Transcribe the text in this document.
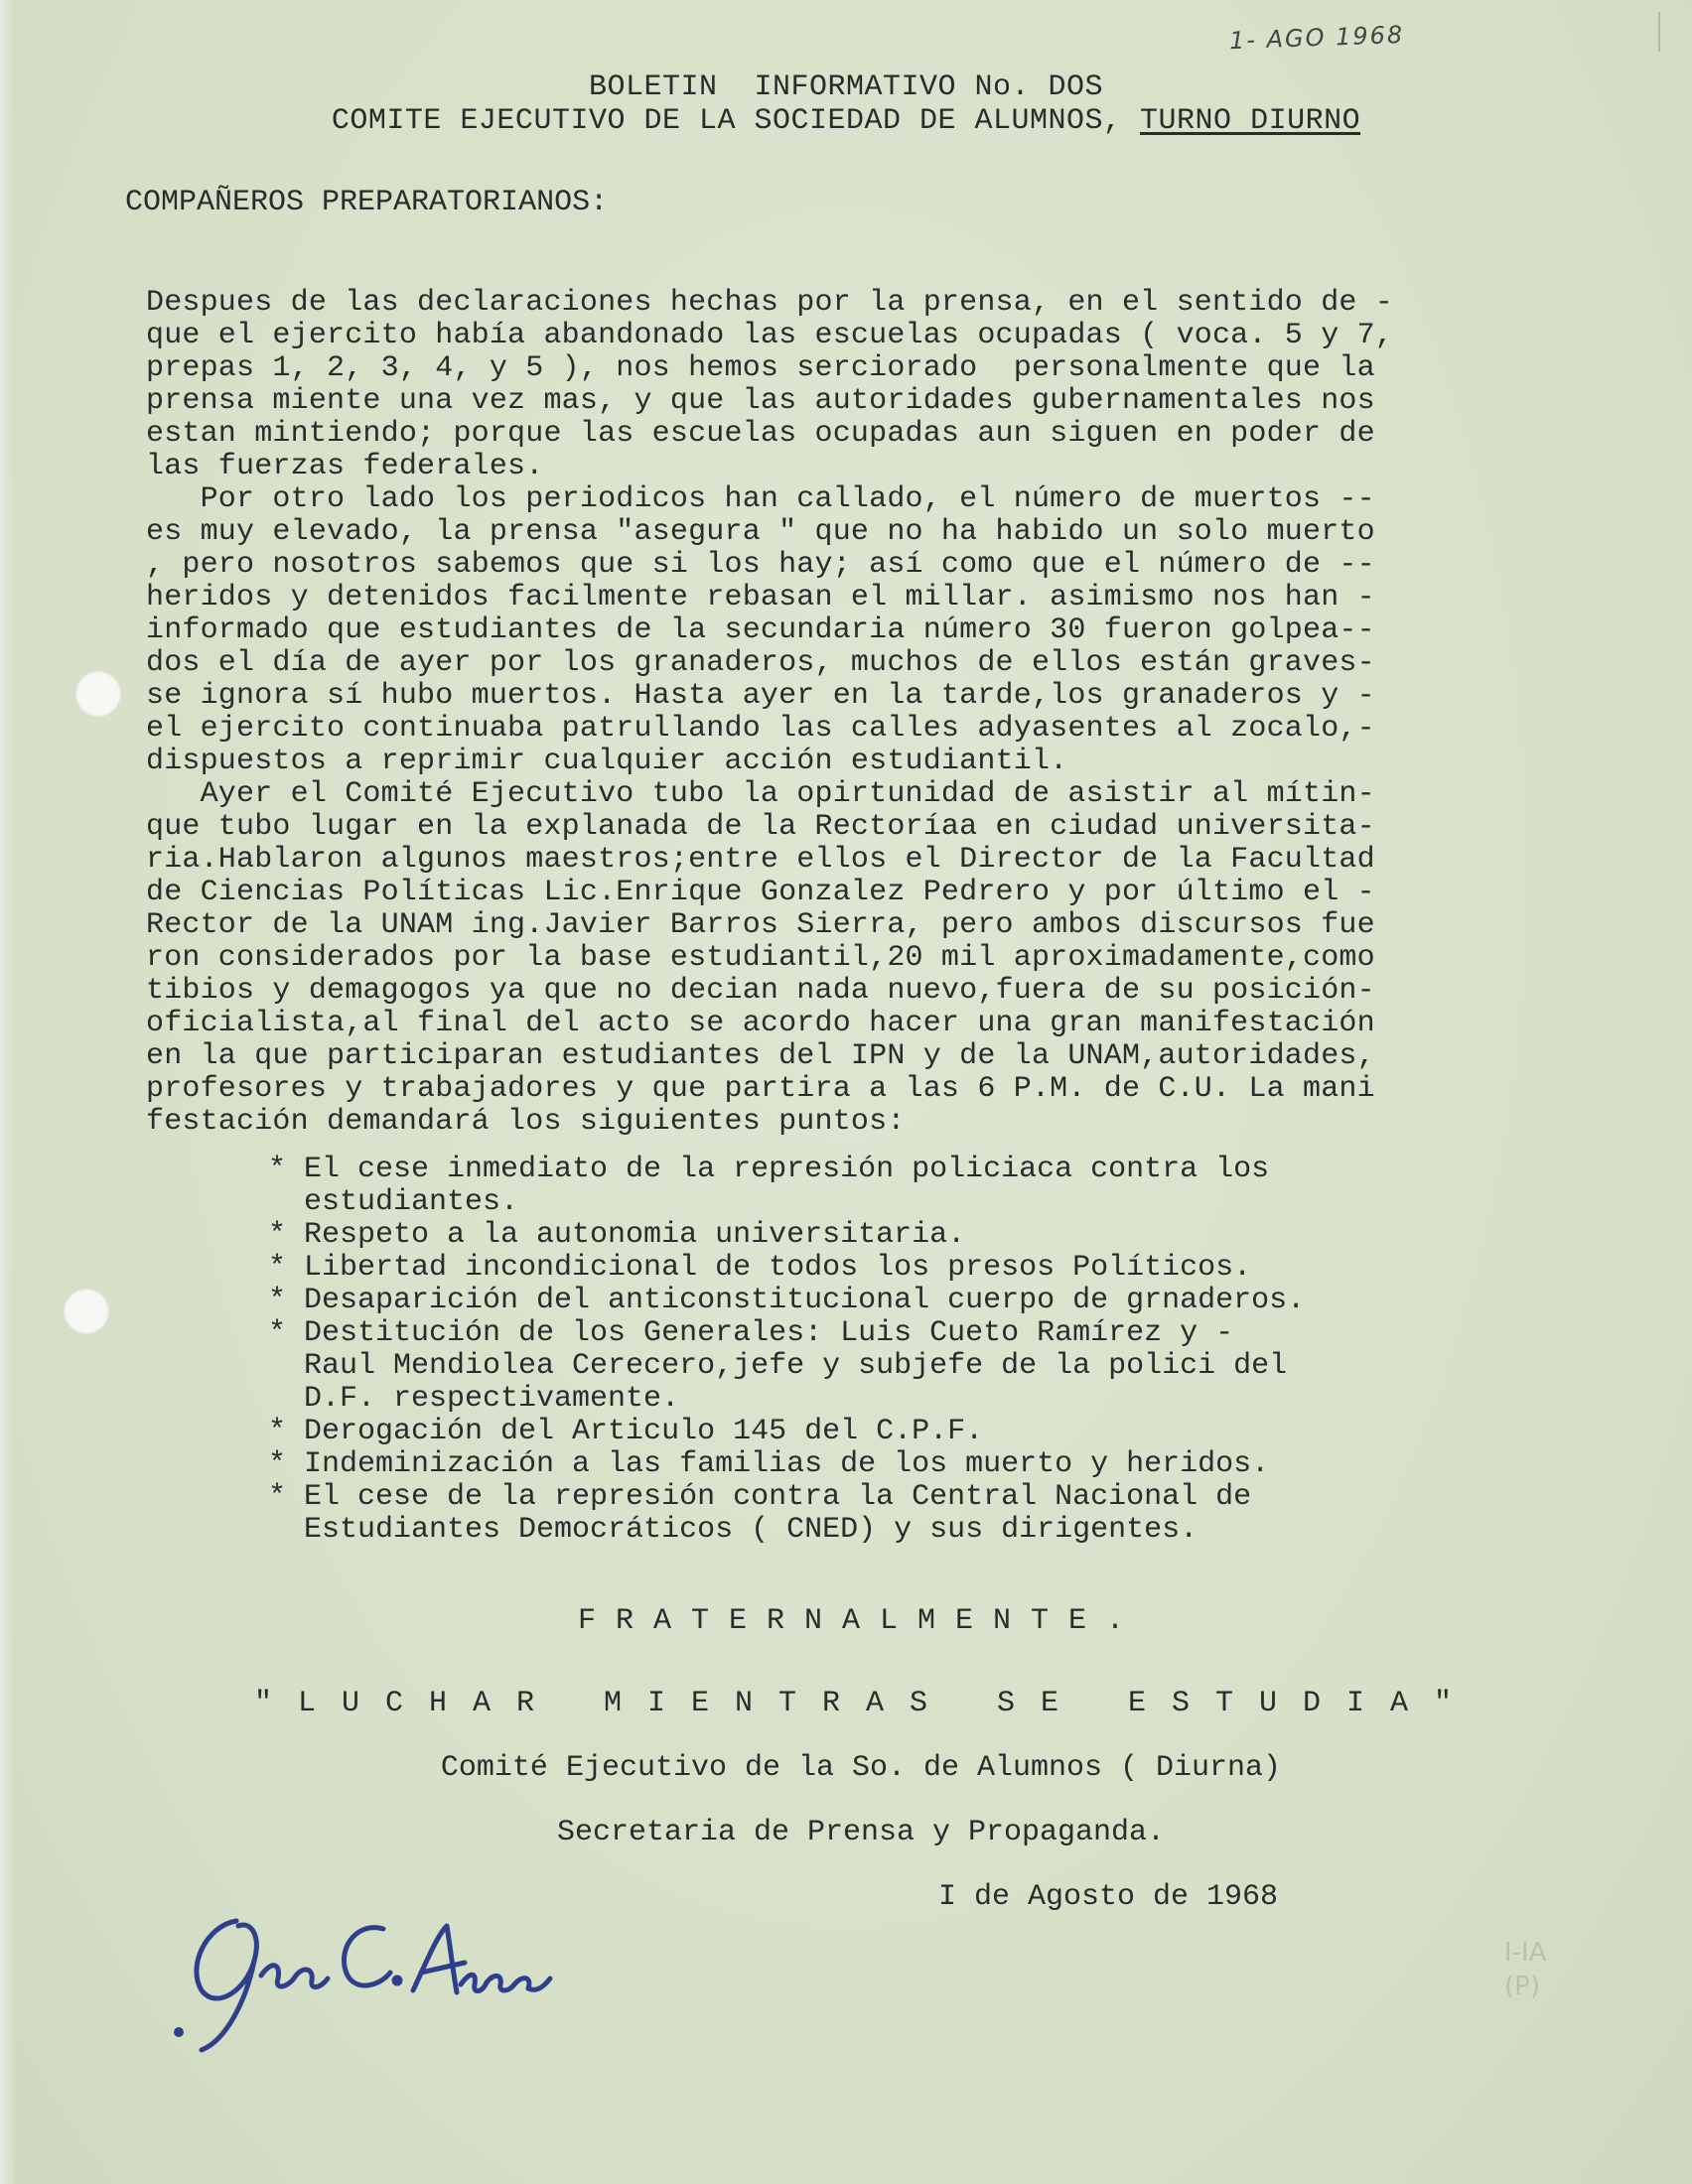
1- AGO 1968

BOLETIN  INFORMATIVO No. DOS

COMITE EJECUTIVO DE LA SOCIEDAD DE ALUMNOS, TURNO DIURNO

COMPAÑEROS PREPARATORIANOS:

Despues de las declaraciones hechas por la prensa, en el sentido de -

que el ejercito había abandonado las escuelas ocupadas ( voca. 5 y 7,

prepas 1, 2, 3, 4, y 5 ), nos hemos serciorado  personalmente que la

prensa miente una vez mas, y que las autoridades gubernamentales nos

estan mintiendo; porque las escuelas ocupadas aun siguen en poder de

las fuerzas federales.

Por otro lado los periodicos han callado, el número de muertos --

es muy elevado, la prensa "asegura " que no ha habido un solo muerto

, pero nosotros sabemos que si los hay; así como que el número de --

heridos y detenidos facilmente rebasan el millar. asimismo nos han -

informado que estudiantes de la secundaria número 30 fueron golpea--

dos el día de ayer por los granaderos, muchos de ellos están graves-

se ignora sí hubo muertos. Hasta ayer en la tarde,los granaderos y -

el ejercito continuaba patrullando las calles adyasentes al zocalo,-

dispuestos a reprimir cualquier acción estudiantil.

Ayer el Comité Ejecutivo tubo la opirtunidad de asistir al mítin-

que tubo lugar en la explanada de la Rectoríaa en ciudad universita-

ria.Hablaron algunos maestros;entre ellos el Director de la Facultad

de Ciencias Políticas Lic.Enrique Gonzalez Pedrero y por último el -

Rector de la UNAM ing.Javier Barros Sierra, pero ambos discursos fue

ron considerados por la base estudiantil,20 mil aproximadamente,como

tibios y demagogos ya que no decian nada nuevo,fuera de su posición-

oficialista,al final del acto se acordo hacer una gran manifestación

en la que participaran estudiantes del IPN y de la UNAM,autoridades,

profesores y trabajadores y que partira a las 6 P.M. de C.U. La mani

festación demandará los siguientes puntos:

* El cese inmediato de la represión policiaca contra los

estudiantes.

* Respeto a la autonomia universitaria.

* Libertad incondicional de todos los presos Políticos.

* Desaparición del anticonstitucional cuerpo de grnaderos.

* Destitución de los Generales: Luis Cueto Ramírez y -

Raul Mendiolea Cerecero,jefe y subjefe de la polici del

D.F. respectivamente.

* Derogación del Articulo 145 del C.P.F.

* Indeminización a las familias de los muerto y heridos.

* El cese de la represión contra la Central Nacional de

Estudiantes Democráticos ( CNED) y sus dirigentes.

FRATERNALMENTE.

"LUCHAR MIENTRAS SE ESTUDIA"

Comité Ejecutivo de la So. de Alumnos ( Diurna)

Secretaria de Prensa y Propaganda.

I de Agosto de 1968

Ana C. Alfaro
I-IA
(P)
